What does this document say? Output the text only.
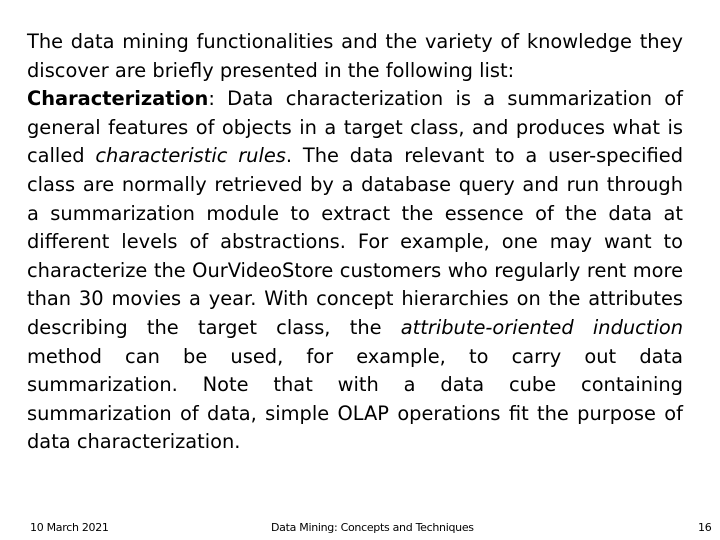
The data mining functionalities and the variety of knowledge they discover are briefly presented in the following list:

Characterization: Data characterization is a summarization of general features of objects in a target class, and produces what is called characteristic rules. The data relevant to a user-specified class are normally retrieved by a database query and run through a summarization module to extract the essence of the data at different levels of abstractions. For example, one may want to characterize the OurVideoStore customers who regularly rent more than 30 movies a year. With concept hierarchies on the attributes describing the target class, the attribute-oriented induction method can be used, for example, to carry out data summarization. Note that with a data cube containing summarization of data, simple OLAP operations fit the purpose of data characterization.

10 March 2021	Data Mining: Concepts and Techniques	16
